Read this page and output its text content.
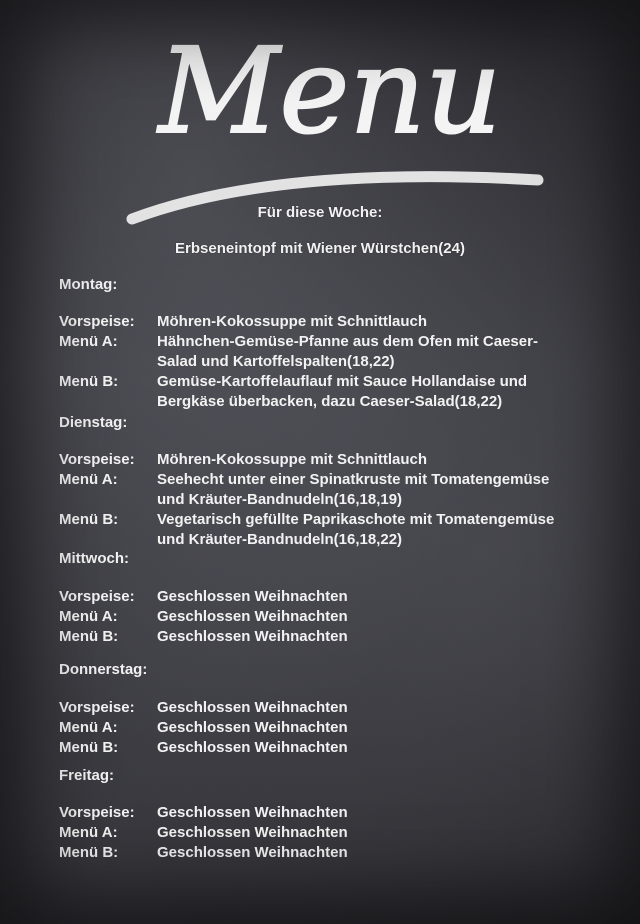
Menu
Für diese Woche:
Erbseneintopf mit Wiener Würstchen(24)
Montag:
Vorspeise:	Möhren-Kokossuppe mit Schnittlauch
Menü A:	Hähnchen-Gemüse-Pfanne aus dem Ofen mit Caeser-
Salad und Kartoffelspalten(18,22)
Menü B:	Gemüse-Kartoffelauflauf mit Sauce Hollandaise und
Bergkäse überbacken, dazu Caeser-Salad(18,22)
Dienstag:
Vorspeise:	Möhren-Kokossuppe mit Schnittlauch
Menü A:	Seehecht unter einer Spinatkruste mit Tomatengemüse
und Kräuter-Bandnudeln(16,18,19)
Menü B:	Vegetarisch gefüllte Paprikaschote mit Tomatengemüse
und Kräuter-Bandnudeln(16,18,22)
Mittwoch:
Vorspeise:	Geschlossen Weihnachten
Menü A:	Geschlossen Weihnachten
Menü B:	Geschlossen Weihnachten
Donnerstag:
Vorspeise:	Geschlossen Weihnachten
Menü A:	Geschlossen Weihnachten
Menü B:	Geschlossen Weihnachten
Freitag:
Vorspeise:	Geschlossen Weihnachten
Menü A:	Geschlossen Weihnachten
Menü B:	Geschlossen Weihnachten
